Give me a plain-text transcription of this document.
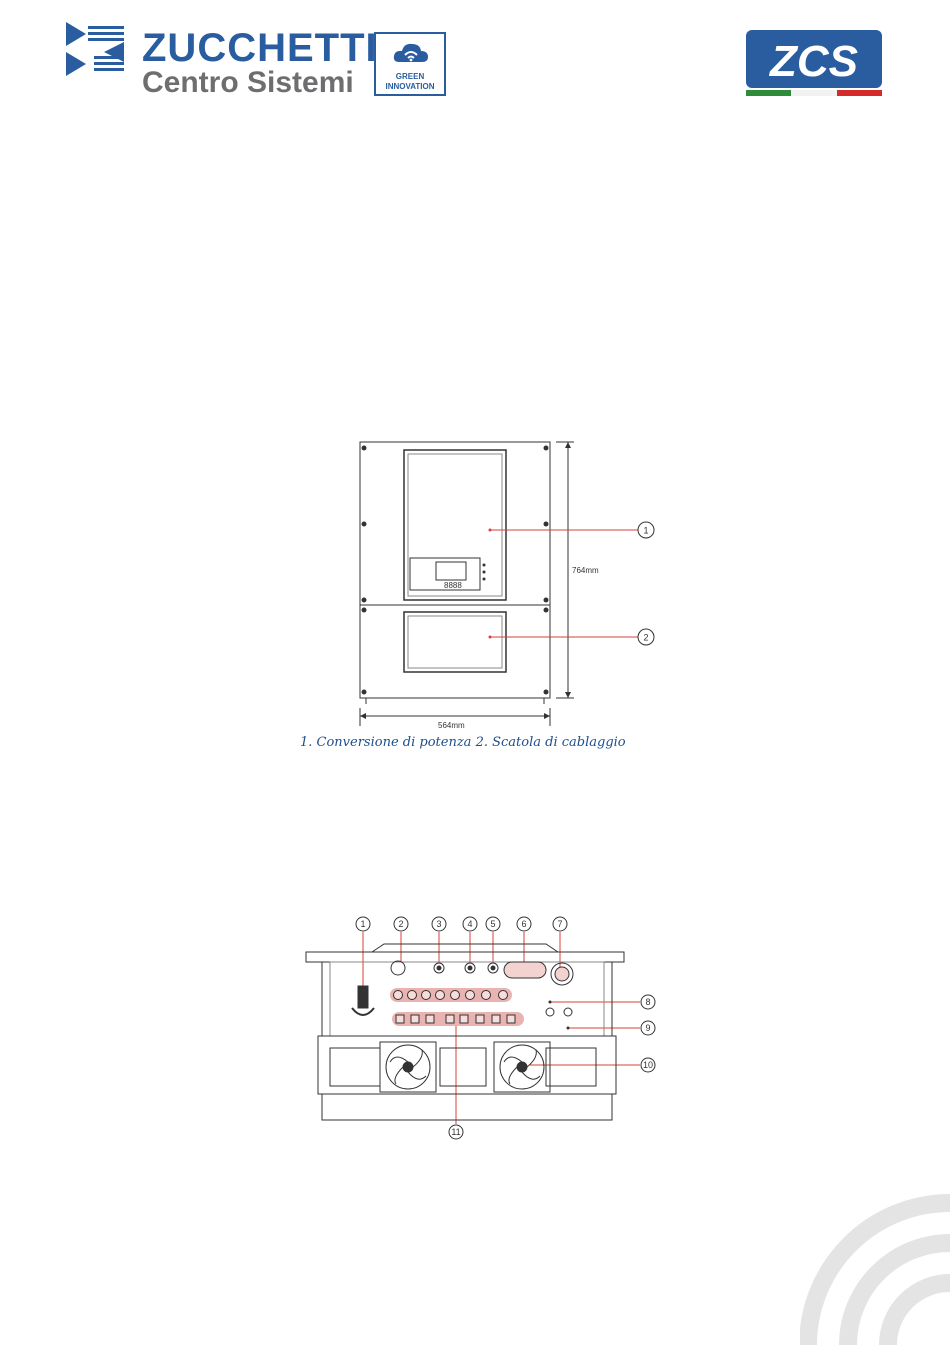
ZUCCHETTI
Centro Sistemi	GREEN
INNOVATION
ZCS
8888
764mm
564mm
1
2
1. Conversione di potenza 2. Scatola di cablaggio
1	2	3	4 5	6	7
8
9
10
11
